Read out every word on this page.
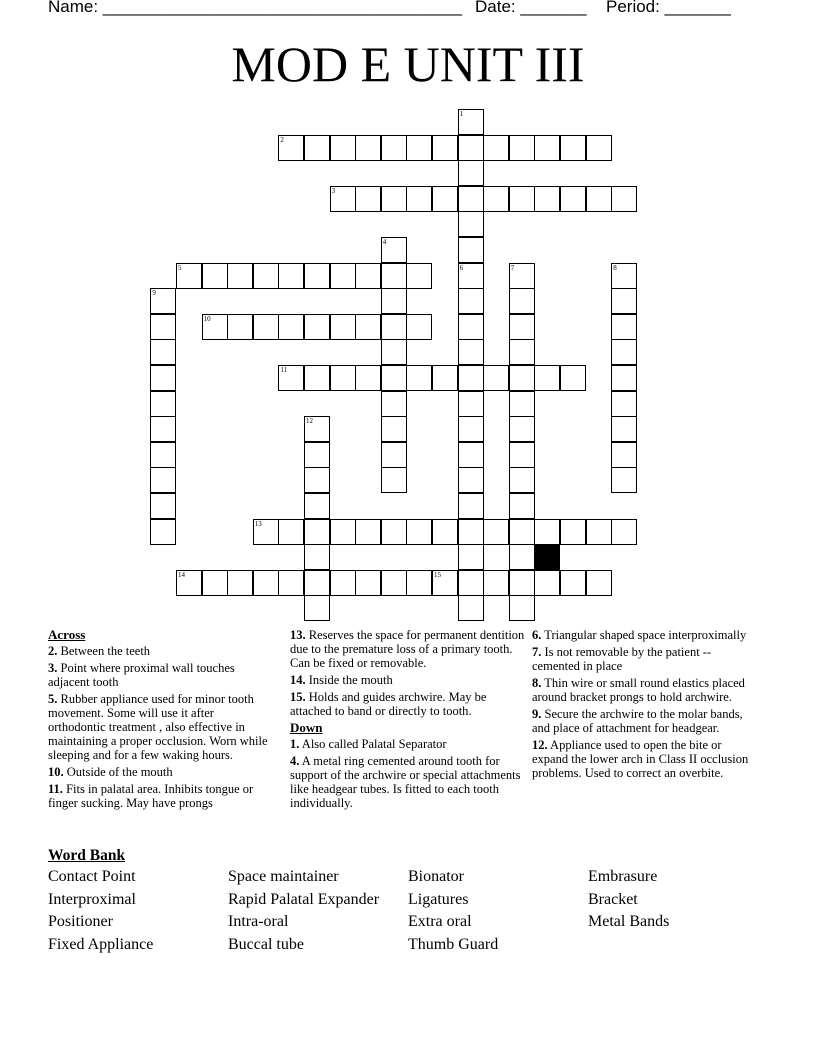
Name: ______________________________________ Date: _______ Period: _______
MOD E UNIT III
1
2
3
4
5	6	7	8
9
10
11
12
13
14	15
Across
2. Between the teeth
3. Point where proximal wall touches adjacent tooth
5. Rubber appliance used for minor tooth movement. Some will use it after orthodontic treatment , also effective in maintaining a proper occlusion. Worn while sleeping and for a few waking hours.
10. Outside of the mouth
11. Fits in palatal area. Inhibits tongue or finger sucking. May have prongs
13. Reserves the space for permanent dentition due to the premature loss of a primary tooth. Can be fixed or removable.
14. Inside the mouth
15. Holds and guides archwire. May be attached to band or directly to tooth.
Down
1. Also called Palatal Separator
4. A metal ring cemented around tooth for support of the archwire or special attachments like headgear tubes. Is fitted to each tooth individually.
6. Triangular shaped space interproximally
7. Is not removable by the patient -- cemented in place
8. Thin wire or small round elastics placed around bracket prongs to hold archwire.
9. Secure the archwire to the molar bands, and place of attachment for headgear.
12. Appliance used to open the bite or expand the lower arch in Class II occlusion problems. Used to correct an overbite.
Word Bank
Contact Point	Space maintainer	Bionator	Embrasure
Interproximal	Rapid Palatal Expander	Ligatures	Bracket
Positioner	Intra-oral	Extra oral	Metal Bands
Fixed Appliance	Buccal tube	Thumb Guard
